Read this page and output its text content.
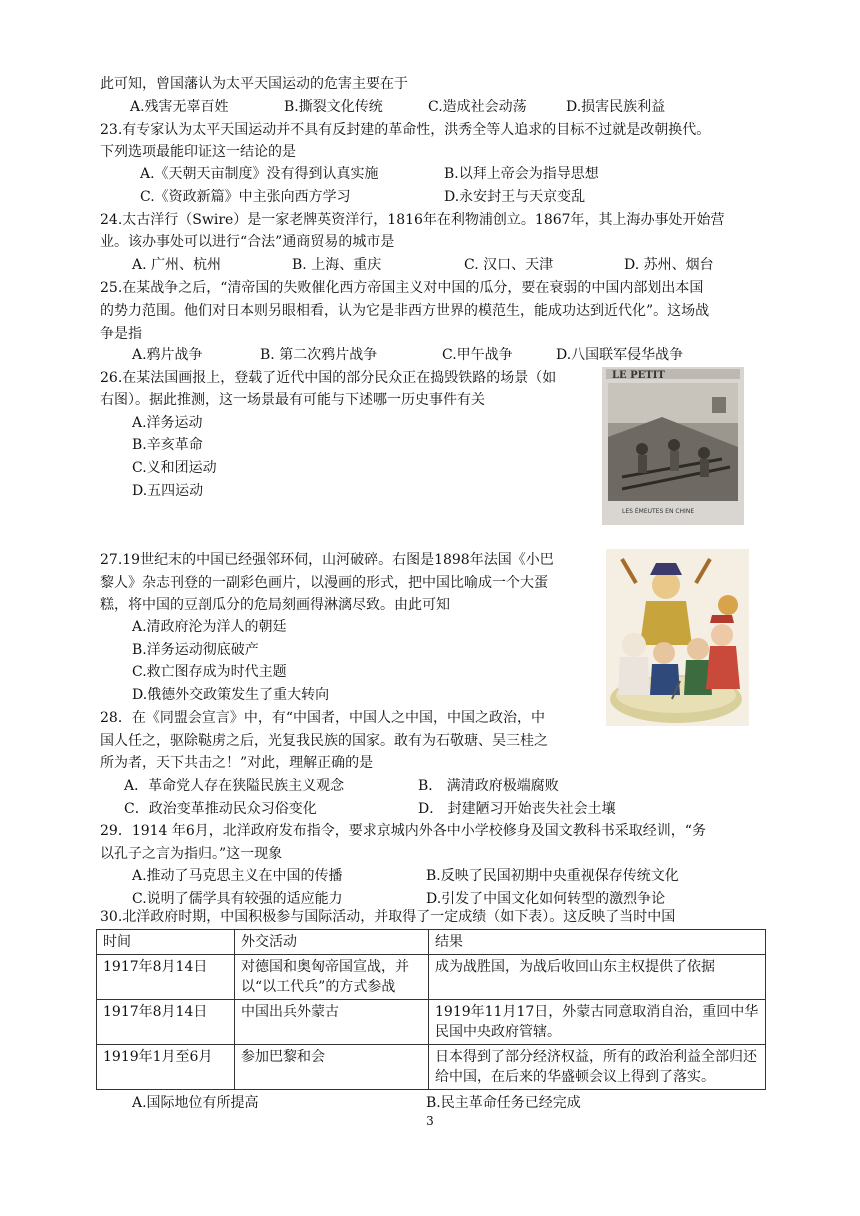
此可知，曾国藩认为太平天国运动的危害主要在于
A.残害无辜百姓	B.撕裂文化传统	C.造成社会动荡	D.损害民族利益
23.有专家认为太平天国运动并不具有反封建的革命性，洪秀全等人追求的目标不过就是改朝换代。
下列选项最能印证这一结论的是
A.《天朝天亩制度》没有得到认真实施	B.以拜上帝会为指导思想
C.《资政新篇》中主张向西方学习	D.永安封王与天京变乱
24.太古洋行（Swire）是一家老牌英资洋行，1816年在利物浦创立。1867年，其上海办事处开始营
业。该办事处可以进行“合法”通商贸易的城市是
A. 广州、杭州	B. 上海、重庆	C. 汉口、天津	D. 苏州、烟台
25.在某战争之后，“清帝国的失败催化西方帝国主义对中国的瓜分，要在衰弱的中国内部划出本国
的势力范围。他们对日本则另眼相看，认为它是非西方世界的模范生，能成功达到近代化”。这场战
争是指
A.鸦片战争	B. 第二次鸦片战争	C.甲午战争	D.八国联军侵华战争
26.在某法国画报上，登载了近代中国的部分民众正在捣毁铁路的场景（如
右图）。据此推测，这一场景最有可能与下述哪一历史事件有关
A.洋务运动
B.辛亥革命
C.义和团运动
D.五四运动
LE PETIT
LES ÉMEUTES EN CHINE
27.19世纪末的中国已经强邻环伺，山河破碎。右图是1898年法国《小巴
黎人》杂志刊登的一副彩色画片，以漫画的形式，把中国比喻成一个大蛋
糕，将中国的豆剖瓜分的危局刻画得淋漓尽致。由此可知
A.清政府沦为洋人的朝廷
B.洋务运动彻底破产
C.救亡图存成为时代主题
D.俄德外交政策发生了重大转向
28．在《同盟会宣言》中，有“中国者，中国人之中国，中国之政治，中
国人任之，驱除鞑虏之后，光复我民族的国家。敢有为石敬瑭、吴三桂之
所为者，天下共击之！”对此，理解正确的是
A．革命党人存在狭隘民族主义观念	B． 满清政府极端腐败
C．政治变革推动民众习俗变化	D． 封建陋习开始丧失社会土壤
29．1914 年6月，北洋政府发布指令，要求京城内外各中小学校修身及国文教科书采取经训，“务
以孔子之言为指归。”这一现象
A.推动了马克思主义在中国的传播	B.反映了民国初期中央重视保存传统文化
C.说明了儒学具有较强的适应能力	D.引发了中国文化如何转型的激烈争论
30.北洋政府时期，中国积极参与国际活动，并取得了一定成绩（如下表）。这反映了当时中国
时间	外交活动	结果
1917年8月14日	对德国和奥匈帝国宣战，并以“以工代兵”的方式参战	成为战胜国，为战后收回山东主权提供了依据
1917年8月14日	中国出兵外蒙古	1919年11月17日，外蒙古同意取消自治，重回中华民国中央政府管辖。
1919年1月至6月	参加巴黎和会	日本得到了部分经济权益，所有的政治利益全部归还给中国，在后来的华盛顿会议上得到了落实。
A.国际地位有所提高	B.民主革命任务已经完成
3
